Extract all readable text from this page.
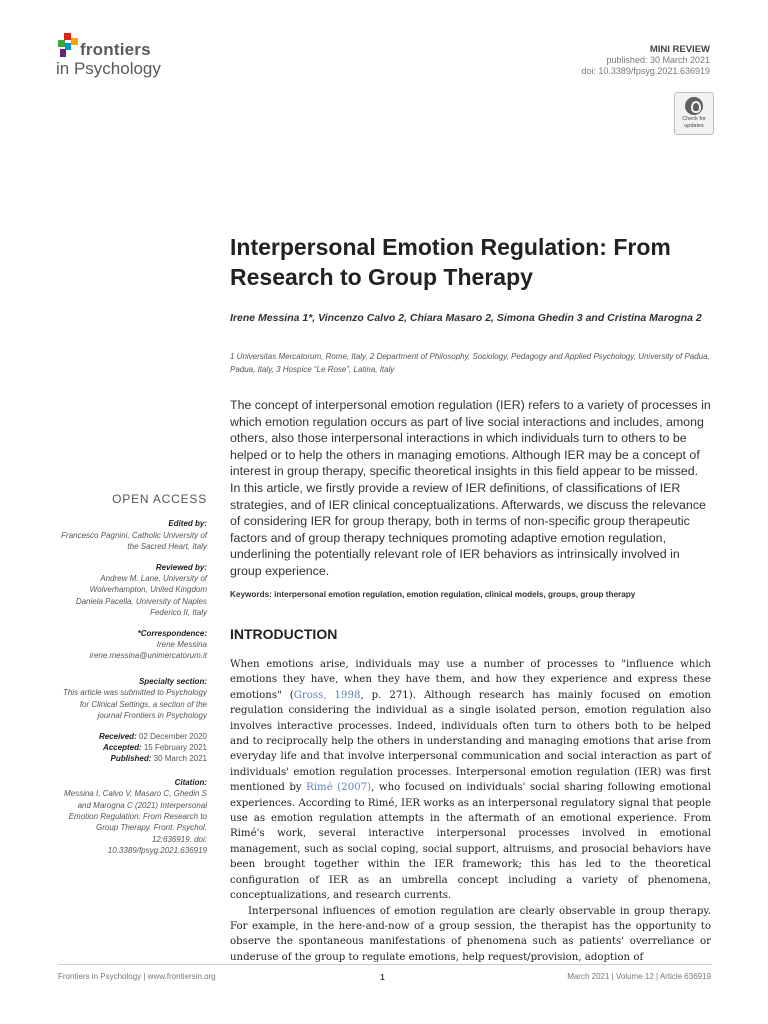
frontiers
in Psychology
MINI REVIEW
published: 30 March 2021
doi: 10.3389/fpsyg.2021.636919
Check for updates
Interpersonal Emotion Regulation: From Research to Group Therapy
Irene Messina 1*, Vincenzo Calvo 2, Chiara Masaro 2, Simona Ghedin 3 and Cristina Marogna 2
1 Universitas Mercatorum, Rome, Italy, 2 Department of Philosophy, Sociology, Pedagogy and Applied Psychology, University of Padua, Padua, Italy, 3 Hospice “Le Rose”, Latina, Italy
The concept of interpersonal emotion regulation (IER) refers to a variety of processes in which emotion regulation occurs as part of live social interactions and includes, among others, also those interpersonal interactions in which individuals turn to others to be helped or to help the others in managing emotions. Although IER may be a concept of interest in group therapy, specific theoretical insights in this field appear to be missed. In this article, we firstly provide a review of IER definitions, of classifications of IER strategies, and of IER clinical conceptualizations. Afterwards, we discuss the relevance of considering IER for group therapy, both in terms of non-specific group therapeutic factors and of group therapy techniques promoting adaptive emotion regulation, underlining the potentially relevant role of IER behaviors as intrinsically involved in group experience.
Keywords: interpersonal emotion regulation, emotion regulation, clinical models, groups, group therapy
INTRODUCTION

When emotions arise, individuals may use a number of processes to "influence which emotions they have, when they have them, and how they experience and express these emotions" (Gross, 1998, p. 271). Although research has mainly focused on emotion regulation considering the individual as a single isolated person, emotion regulation also involves interactive processes. Indeed, individuals often turn to others both to be helped and to reciprocally help the others in understanding and managing emotions that arise from everyday life and that involve interpersonal communication and social interaction as part of individuals' emotion regulation processes. Interpersonal emotion regulation (IER) was first mentioned by Rimé (2007), who focused on individuals' social sharing following emotional experiences. According to Rimé, IER works as an interpersonal regulatory signal that people use as emotion regulation attempts in the aftermath of an emotional experience. From Rimé's work, several interactive interpersonal processes involved in emotional management, such as social coping, social support, altruisms, and prosocial behaviors have been brought together within the IER framework; this has led to the theoretical configuration of IER as an umbrella concept including a variety of phenomena, conceptualizations, and research currents.

Interpersonal influences of emotion regulation are clearly observable in group therapy. For example, in the here-and-now of a group session, the therapist has the opportunity to observe the spontaneous manifestations of phenomena such as patients' overreliance or underuse of the group to regulate emotions, help request/provision, adoption of

OPEN ACCESS
Edited by:
Francesco Pagnini, Catholic University of the Sacred Heart, Italy
Reviewed by:
Andrew M. Lane, University of Wolverhampton, United Kingdom
Daniela Pacella, University of Naples Federico II, Italy
*Correspondence:
Irene Messina irene.messina@unimercatorum.it
Specialty section:
This article was submitted to Psychology for Clinical Settings, a section of the journal Frontiers in Psychology
Received: 02 December 2020
Accepted: 15 February 2021
Published: 30 March 2021
Citation:
Messina I, Calvo V, Masaro C, Ghedin S and Marogna C (2021) Interpersonal Emotion Regulation: From Research to Group Therapy. Front. Psychol. 12:636919. doi: 10.3389/fpsyg.2021.636919
Frontiers in Psychology | www.frontiersin.org	1	March 2021 | Volume 12 | Article 636919
